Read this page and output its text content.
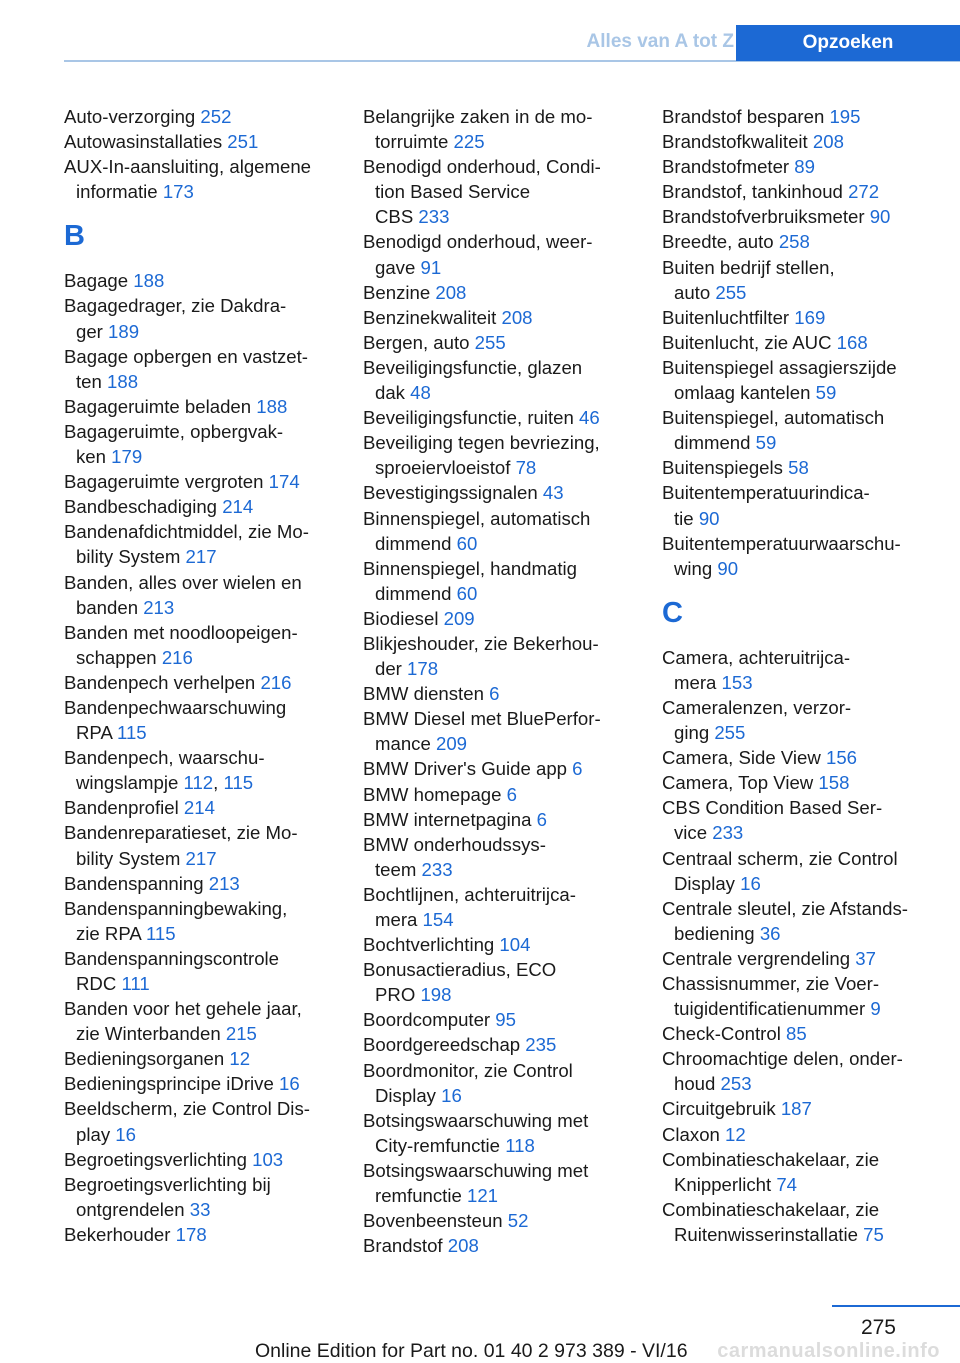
Alles van A tot Z	Opzoeken
Auto-verzorging 252
Autowasinstallaties 251
AUX-In-aansluiting, algemene
informatie 173
B
Bagage 188
Bagagedrager, zie Dakdra-
ger 189
Bagage opbergen en vastzet-
ten 188
Bagageruimte beladen 188
Bagageruimte, opbergvak-
ken 179
Bagageruimte vergroten 174
Bandbeschadiging 214
Bandenafdichtmiddel, zie Mo-
bility System 217
Banden, alles over wielen en
banden 213
Banden met noodloopeigen-
schappen 216
Bandenpech verhelpen 216
Bandenpechwaarschuwing
RPA 115
Bandenpech, waarschu-
wingslampje 112, 115
Bandenprofiel 214
Bandenreparatieset, zie Mo-
bility System 217
Bandenspanning 213
Bandenspanningbewaking,
zie RPA 115
Bandenspanningscontrole
RDC 111
Banden voor het gehele jaar,
zie Winterbanden 215
Bedieningsorganen 12
Bedieningsprincipe iDrive 16
Beeldscherm, zie Control Dis-
play 16
Begroetingsverlichting 103
Begroetingsverlichting bij
ontgrendelen 33
Bekerhouder 178
Belangrijke zaken in de mo-
torruimte 225
Benodigd onderhoud, Condi-
tion Based Service
CBS 233
Benodigd onderhoud, weer-
gave 91
Benzine 208
Benzinekwaliteit 208
Bergen, auto 255
Beveiligingsfunctie, glazen
dak 48
Beveiligingsfunctie, ruiten 46
Beveiliging tegen bevriezing,
sproeiervloeistof 78
Bevestigingssignalen 43
Binnenspiegel, automatisch
dimmend 60
Binnenspiegel, handmatig
dimmend 60
Biodiesel 209
Blikjeshouder, zie Bekerhou-
der 178
BMW diensten 6
BMW Diesel met BluePerfor-
mance 209
BMW Driver's Guide app 6
BMW homepage 6
BMW internetpagina 6
BMW onderhoudssys-
teem 233
Bochtlijnen, achteruitrijca-
mera 154
Bochtverlichting 104
Bonusactieradius, ECO
PRO 198
Boordcomputer 95
Boordgereedschap 235
Boordmonitor, zie Control
Display 16
Botsingswaarschuwing met
City-remfunctie 118
Botsingswaarschuwing met
remfunctie 121
Bovenbeensteun 52
Brandstof 208
Brandstof besparen 195
Brandstofkwaliteit 208
Brandstofmeter 89
Brandstof, tankinhoud 272
Brandstofverbruiksmeter 90
Breedte, auto 258
Buiten bedrijf stellen,
auto 255
Buitenluchtfilter 169
Buitenlucht, zie AUC 168
Buitenspiegel assagierszijde
omlaag kantelen 59
Buitenspiegel, automatisch
dimmend 59
Buitenspiegels 58
Buitentemperatuurindica-
tie 90
Buitentemperatuurwaarschu-
wing 90
C
Camera, achteruitrijca-
mera 153
Cameralenzen, verzor-
ging 255
Camera, Side View 156
Camera, Top View 158
CBS Condition Based Ser-
vice 233
Centraal scherm, zie Control
Display 16
Centrale sleutel, zie Afstands-
bediening 36
Centrale vergrendeling 37
Chassisnummer, zie Voer-
tuigidentificatienummer 9
Check-Control 85
Chroomachtige delen, onder-
houd 253
Circuitgebruik 187
Claxon 12
Combinatieschakelaar, zie
Knipperlicht 74
Combinatieschakelaar, zie
Ruitenwisserinstallatie 75
275
Online Edition for Part no. 01 40 2 973 389 - VI/16 carmanualsonline.info
